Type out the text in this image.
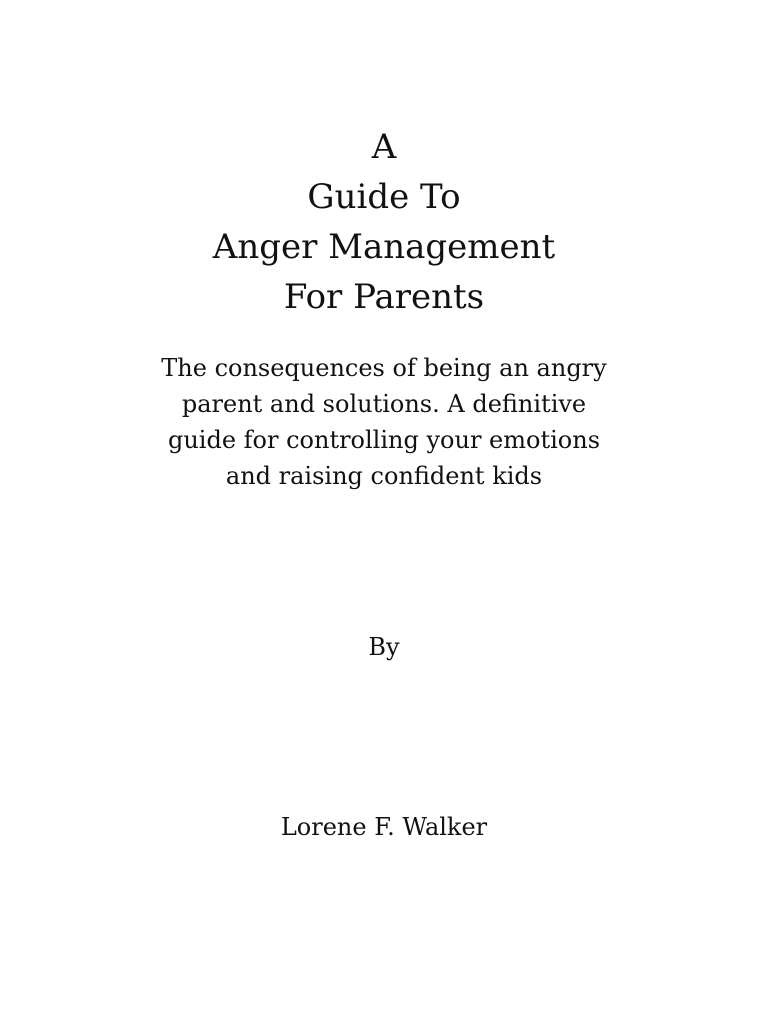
A
Guide To
Anger Management
For Parents
The consequences of being an angry
parent and solutions. A definitive
guide for controlling your emotions
and raising confident kids
By
Lorene F. Walker
